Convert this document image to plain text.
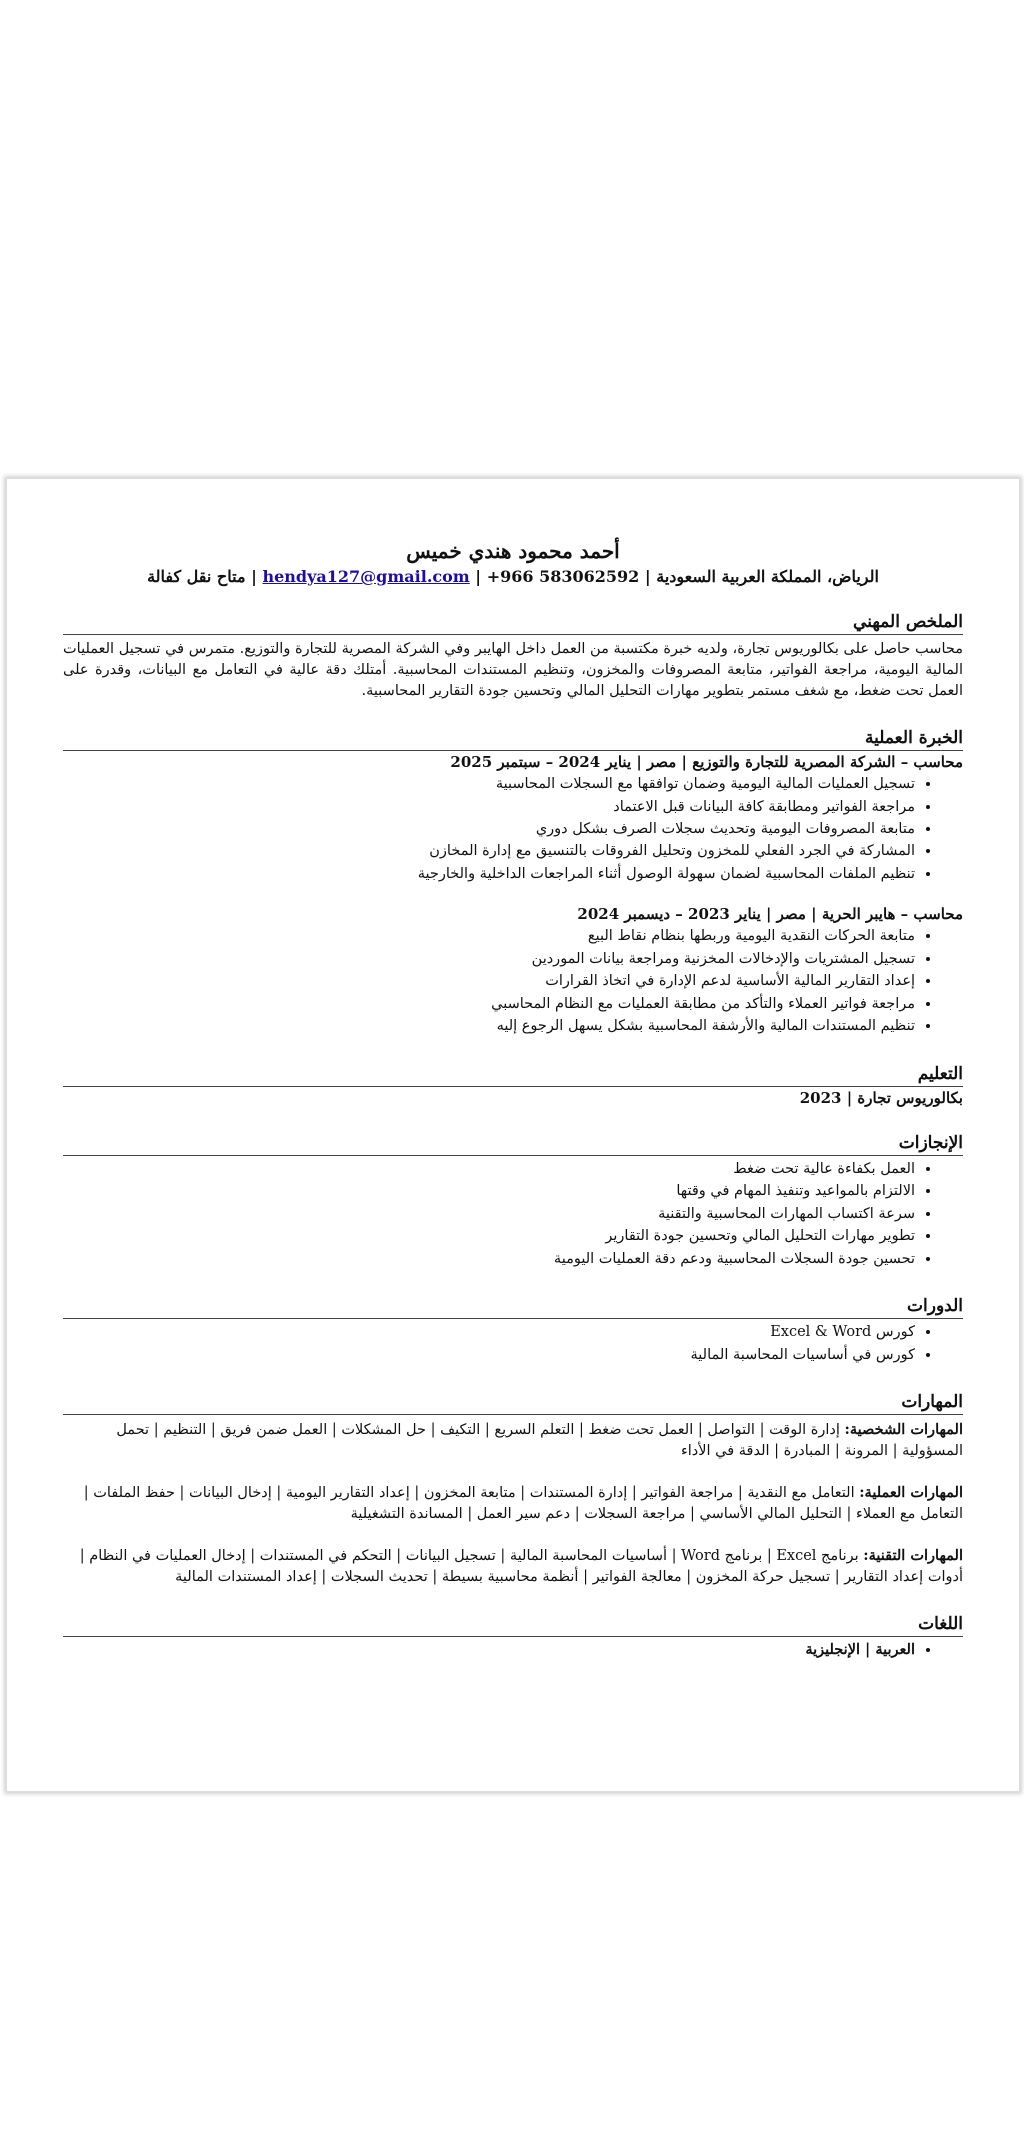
أحمد محمود هندي خميس

الرياض، المملكة العربية السعودية | +966 583062592 | hendya127@gmail.com | متاح نقل كفالة
الملخص المهني
محاسب حاصل على بكالوريوس تجارة، ولديه خبرة مكتسبة من العمل داخل الهايبر وفي الشركة المصرية للتجارة والتوزيع. متمرس في تسجيل العمليات المالية اليومية، مراجعة الفواتير، متابعة المصروفات والمخزون، وتنظيم المستندات المحاسبية. أمتلك دقة عالية في التعامل مع البيانات، وقدرة على العمل تحت ضغط، مع شغف مستمر بتطوير مهارات التحليل المالي وتحسين جودة التقارير المحاسبية.
الخبرة العملية
محاسب – الشركة المصرية للتجارة والتوزيع | مصر | يناير 2024 – سبتمبر 2025
• تسجيل العمليات المالية اليومية وضمان توافقها مع السجلات المحاسبية
• مراجعة الفواتير ومطابقة كافة البيانات قبل الاعتماد
• متابعة المصروفات اليومية وتحديث سجلات الصرف بشكل دوري
• المشاركة في الجرد الفعلي للمخزون وتحليل الفروقات بالتنسيق مع إدارة المخازن
• تنظيم الملفات المحاسبية لضمان سهولة الوصول أثناء المراجعات الداخلية والخارجية
محاسب – هايبر الحرية | مصر | يناير 2023 – ديسمبر 2024
• متابعة الحركات النقدية اليومية وربطها بنظام نقاط البيع
• تسجيل المشتريات والإدخالات المخزنية ومراجعة بيانات الموردين
• إعداد التقارير المالية الأساسية لدعم الإدارة في اتخاذ القرارات
• مراجعة فواتير العملاء والتأكد من مطابقة العمليات مع النظام المحاسبي
• تنظيم المستندات المالية والأرشفة المحاسبية بشكل يسهل الرجوع إليه
التعليم
بكالوريوس تجارة | 2023
الإنجازات
• العمل بكفاءة عالية تحت ضغط
• الالتزام بالمواعيد وتنفيذ المهام في وقتها
• سرعة اكتساب المهارات المحاسبية والتقنية
• تطوير مهارات التحليل المالي وتحسين جودة التقارير
• تحسين جودة السجلات المحاسبية ودعم دقة العمليات اليومية
الدورات
• كورس Excel & Word
• كورس في أساسيات المحاسبة المالية
المهارات
المهارات الشخصية: إدارة الوقت | التواصل | العمل تحت ضغط | التعلم السريع | التكيف | حل المشكلات | العمل ضمن فريق | التنظيم | تحمل المسؤولية | المرونة | المبادرة | الدقة في الأداء
المهارات العملية: التعامل مع النقدية | مراجعة الفواتير | إدارة المستندات | متابعة المخزون | إعداد التقارير اليومية | إدخال البيانات | حفظ الملفات | التعامل مع العملاء | التحليل المالي الأساسي | مراجعة السجلات | دعم سير العمل | المساندة التشغيلية
المهارات التقنية: برنامج Excel | برنامج Word | أساسيات المحاسبة المالية | تسجيل البيانات | التحكم في المستندات | إدخال العمليات في النظام | أدوات إعداد التقارير | تسجيل حركة المخزون | معالجة الفواتير | أنظمة محاسبية بسيطة | تحديث السجلات | إعداد المستندات المالية
اللغات
• العربية | الإنجليزية
